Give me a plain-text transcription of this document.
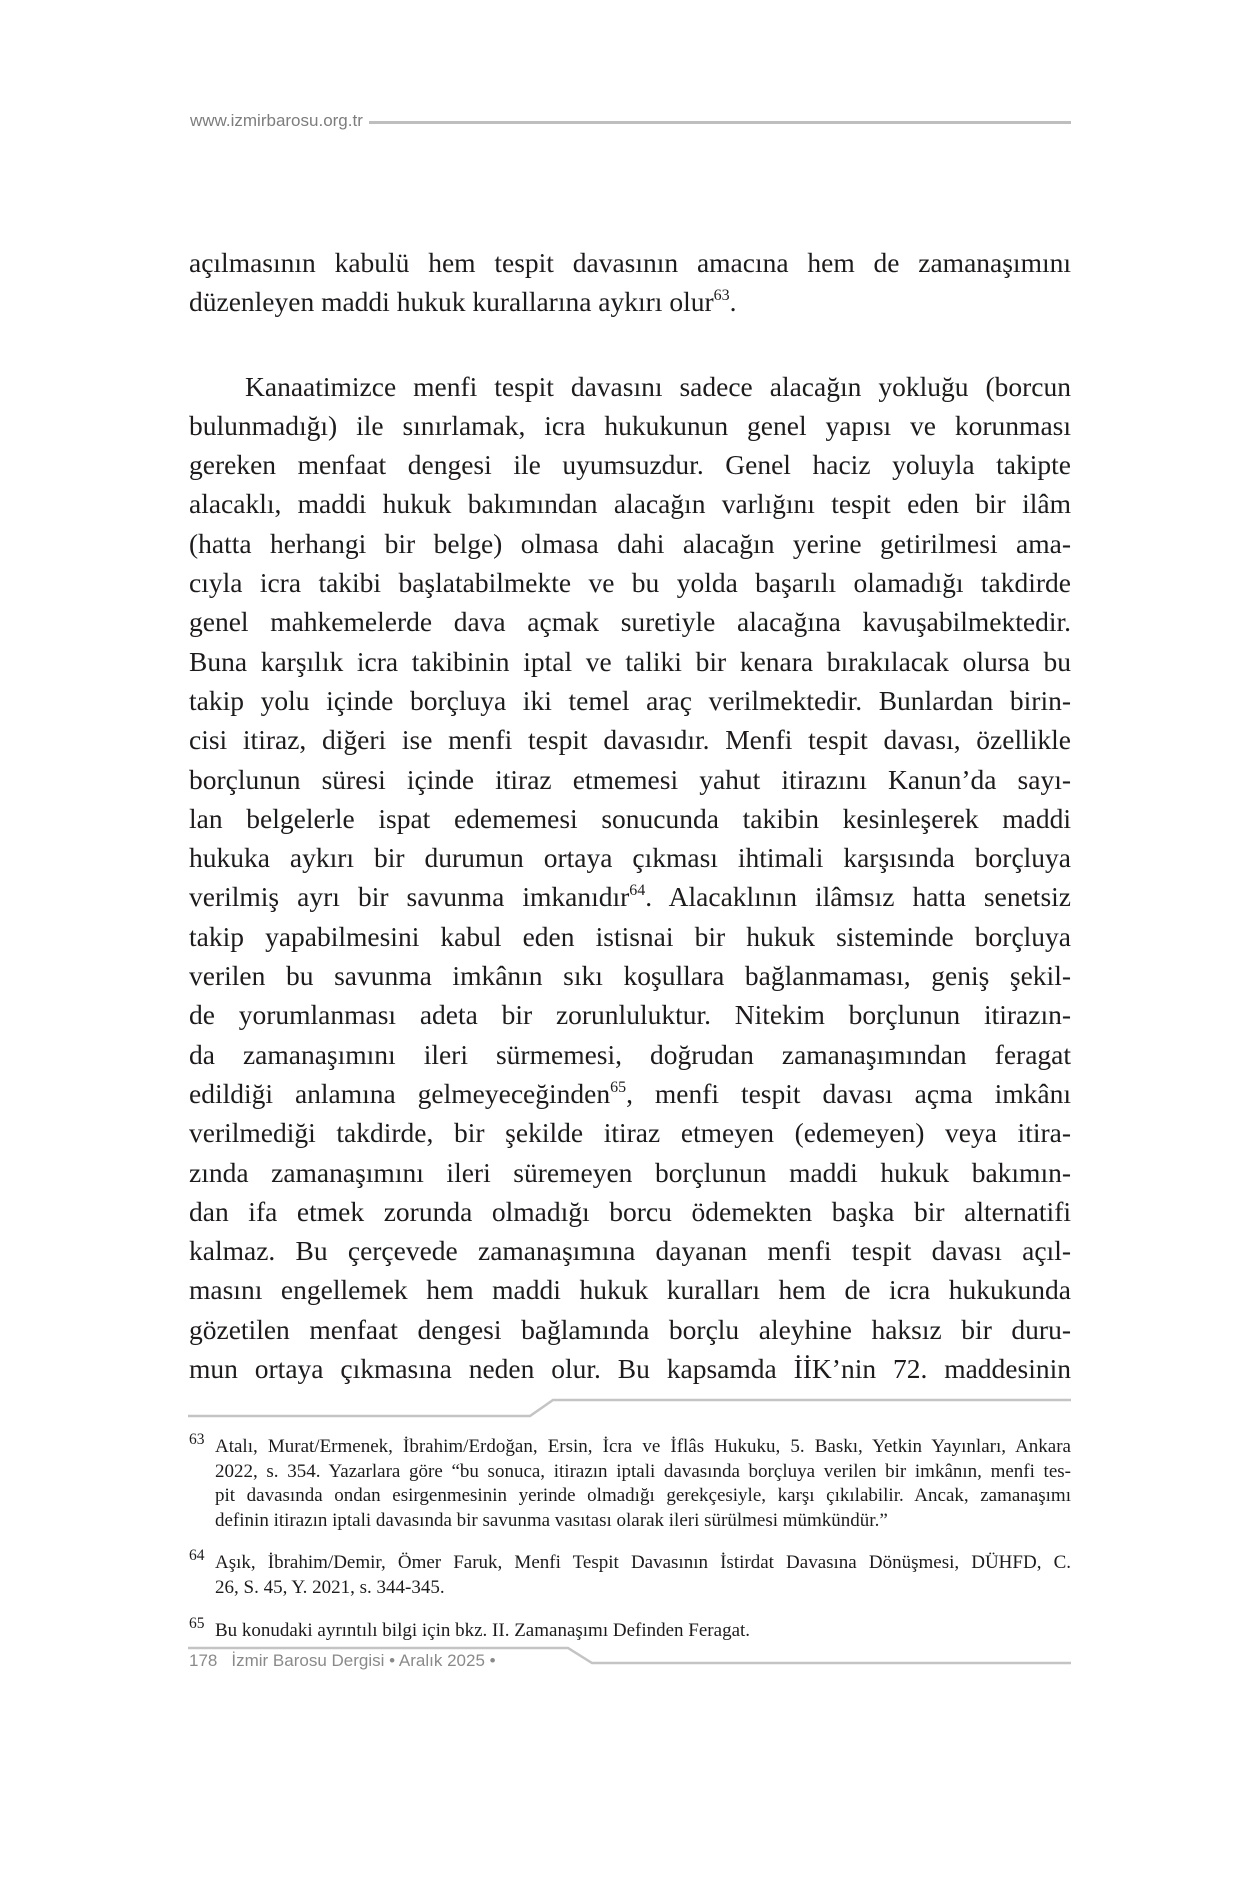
www.izmirbarosu.org.tr
açılmasının kabulü hem tespit davasının amacına hem de zamanaşımını
düzenleyen maddi hukuk kurallarına aykırı olur$^{63}$.
Kanaatimizce menfi tespit davasını sadece alacağın yokluğu (borcun
bulunmadığı) ile sınırlamak, icra hukukunun genel yapısı ve korunması
gereken menfaat dengesi ile uyumsuzdur. Genel haciz yoluyla takipte
alacaklı, maddi hukuk bakımından alacağın varlığını tespit eden bir ilâm
(hatta herhangi bir belge) olmasa dahi alacağın yerine getirilmesi ama-
cıyla icra takibi başlatabilmekte ve bu yolda başarılı olamadığı takdirde
genel mahkemelerde dava açmak suretiyle alacağına kavuşabilmektedir.
Buna karşılık icra takibinin iptal ve taliki bir kenara bırakılacak olursa bu
takip yolu içinde borçluya iki temel araç verilmektedir. Bunlardan birin-
cisi itiraz, diğeri ise menfi tespit davasıdır. Menfi tespit davası, özellikle
borçlunun süresi içinde itiraz etmemesi yahut itirazını Kanun’da sayı-
lan belgelerle ispat edememesi sonucunda takibin kesinleşerek maddi
hukuka aykırı bir durumun ortaya çıkması ihtimali karşısında borçluya
verilmiş ayrı bir savunma imkanıdır$^{64}$. Alacaklının ilâmsız hatta senetsiz
takip yapabilmesini kabul eden istisnai bir hukuk sisteminde borçluya
verilen bu savunma imkânın sıkı koşullara bağlanmaması, geniş şekil-
de yorumlanması adeta bir zorunluluktur. Nitekim borçlunun itirazın-
da zamanaşımını ileri sürmemesi, doğrudan zamanaşımından feragat
edildiği anlamına gelmeyeceğinden$^{65}$, menfi tespit davası açma imkânı
verilmediği takdirde, bir şekilde itiraz etmeyen (edemeyen) veya itira-
zında zamanaşımını ileri süremeyen borçlunun maddi hukuk bakımın-
dan ifa etmek zorunda olmadığı borcu ödemekten başka bir alternatifi
kalmaz. Bu çerçevede zamanaşımına dayanan menfi tespit davası açıl-
masını engellemek hem maddi hukuk kuralları hem de icra hukukunda
gözetilen menfaat dengesi bağlamında borçlu aleyhine haksız bir duru-
mun ortaya çıkmasına neden olur. Bu kapsamda İİK’nin 72. maddesinin
63 Atalı, Murat/Ermenek, İbrahim/Erdoğan, Ersin, İcra ve İflâs Hukuku, 5. Baskı, Yetkin Yayınları, Ankara
2022, s. 354. Yazarlara göre “bu sonuca, itirazın iptali davasında borçluya verilen bir imkânın, menfi tes-
pit davasında ondan esirgenmesinin yerinde olmadığı gerekçesiyle, karşı çıkılabilir. Ancak, zamanaşımı
definin itirazın iptali davasında bir savunma vasıtası olarak ileri sürülmesi mümkündür.”
64 Aşık, İbrahim/Demir, Ömer Faruk, Menfi Tespit Davasının İstirdat Davasına Dönüşmesi, DÜHFD, C.
26, S. 45, Y. 2021, s. 344-345.
65 Bu konudaki ayrıntılı bilgi için bkz. II. Zamanaşımı Definden Feragat.
178 İzmir Barosu Dergisi • Aralık 2025 •
